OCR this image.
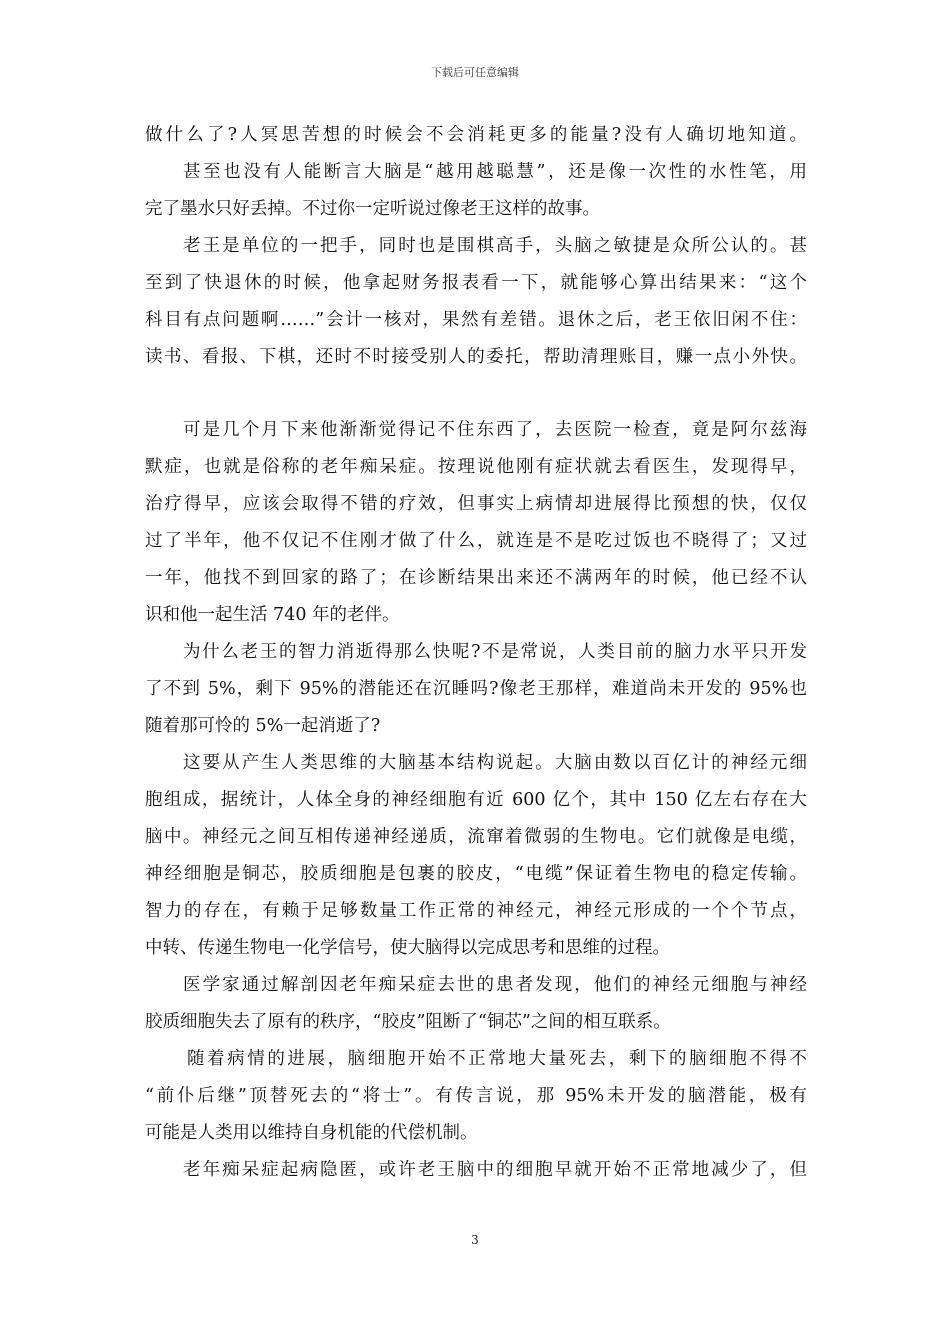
下载后可任意编辑
做什么了?人冥思苦想的时候会不会消耗更多的能量?没有人确切地知道。
甚至也没有人能断言大脑是“越用越聪慧”，还是像一次性的水性笔，用
完了墨水只好丢掉。不过你一定听说过像老王这样的故事。
老王是单位的一把手，同时也是围棋高手，头脑之敏捷是众所公认的。甚
至到了快退休的时候，他拿起财务报表看一下，就能够心算出结果来：“这个
科目有点问题啊……”会计一核对，果然有差错。退休之后，老王依旧闲不住：
读书、看报、下棋，还时不时接受别人的委托，帮助清理账目，赚一点小外快。
可是几个月下来他渐渐觉得记不住东西了，去医院一检查，竟是阿尔兹海
默症，也就是俗称的老年痴呆症。按理说他刚有症状就去看医生，发现得早，
治疗得早，应该会取得不错的疗效，但事实上病情却进展得比预想的快，仅仅
过了半年，他不仅记不住刚才做了什么，就连是不是吃过饭也不晓得了；又过
一年，他找不到回家的路了；在诊断结果出来还不满两年的时候，他已经不认
识和他一起生活 740 年的老伴。
为什么老王的智力消逝得那么快呢?不是常说，人类目前的脑力水平只开发
了不到 5%，剩下 95%的潜能还在沉睡吗?像老王那样，难道尚未开发的 95%也
随着那可怜的 5%一起消逝了?
这要从产生人类思维的大脑基本结构说起。大脑由数以百亿计的神经元细
胞组成，据统计，人体全身的神经细胞有近 600 亿个，其中 150 亿左右存在大
脑中。神经元之间互相传递神经递质，流窜着微弱的生物电。它们就像是电缆，
神经细胞是铜芯，胶质细胞是包裹的胶皮，“电缆”保证着生物电的稳定传输。
智力的存在，有赖于足够数量工作正常的神经元，神经元形成的一个个节点，
中转、传递生物电一化学信号，使大脑得以完成思考和思维的过程。
医学家通过解剖因老年痴呆症去世的患者发现，他们的神经元细胞与神经
胶质细胞失去了原有的秩序，“胶皮”阻断了“铜芯”之间的相互联系。
随着病情的进展，脑细胞开始不正常地大量死去，剩下的脑细胞不得不
“前仆后继”顶替死去的“将士”。有传言说，那 95%未开发的脑潜能，极有
可能是人类用以维持自身机能的代偿机制。
老年痴呆症起病隐匿，或许老王脑中的细胞早就开始不正常地减少了，但
3
